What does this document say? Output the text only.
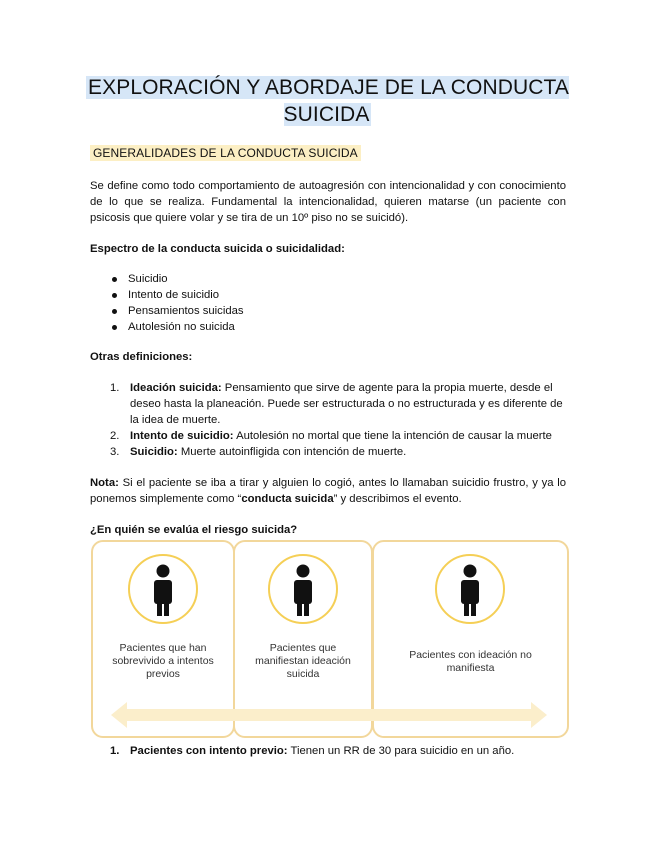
EXPLORACIÓN Y ABORDAJE DE LA CONDUCTA SUICIDA
GENERALIDADES DE LA CONDUCTA SUICIDA
Se define como todo comportamiento de autoagresión con intencionalidad y con conocimiento de lo que se realiza. Fundamental la intencionalidad, quieren matarse (un paciente con psicosis que quiere volar y se tira de un 10º piso no se suicidó).
Espectro de la conducta suicida o suicidalidad:
Suicidio
Intento de suicidio
Pensamientos suicidas
Autolesión no suicida
Otras definiciones:
1. Ideación suicida: Pensamiento que sirve de agente para la propia muerte, desde el deseo hasta la planeación. Puede ser estructurada o no estructurada y es diferente de la idea de muerte.
2. Intento de suicidio: Autolesión no mortal que tiene la intención de causar la muerte
3. Suicidio: Muerte autoinfligida con intención de muerte.
Nota: Si el paciente se iba a tirar y alguien lo cogió, antes lo llamaban suicidio frustro, y ya lo ponemos simplemente como “conducta suicida” y describimos el evento.
¿En quién se evalúa el riesgo suicida?
Pacientes que han sobrevivido a intentos previos
Pacientes que manifiestan ideación suicida
Pacientes con ideación no manifiesta
1. Pacientes con intento previo: Tienen un RR de 30 para suicidio en un año.
